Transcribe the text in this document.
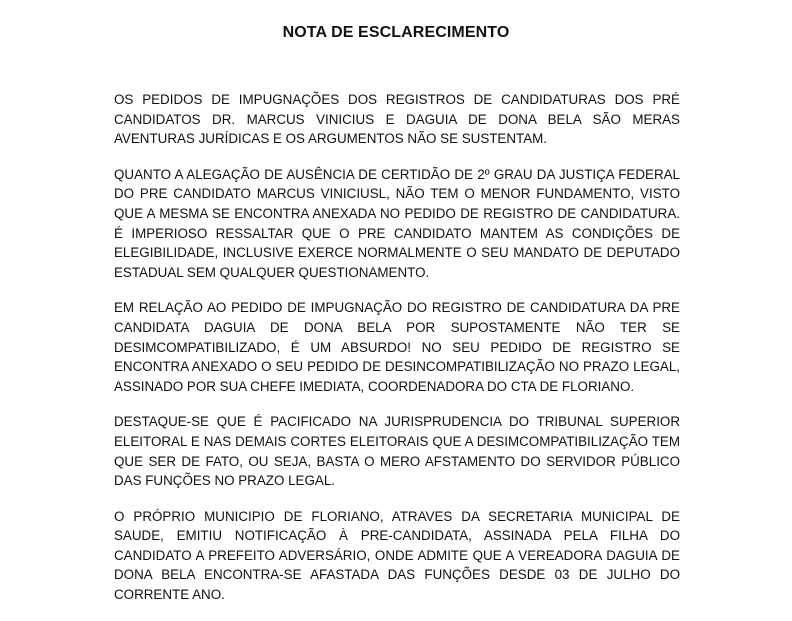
NOTA DE ESCLARECIMENTO

OS PEDIDOS DE IMPUGNAÇÕES DOS REGISTROS DE CANDIDATURAS DOS PRÉ CANDIDATOS DR. MARCUS VINICIUS E DAGUIA DE DONA BELA SÃO MERAS AVENTURAS JURÍDICAS E OS ARGUMENTOS NÃO SE SUSTENTAM.

QUANTO A ALEGAÇÃO DE AUSÊNCIA DE CERTIDÃO DE 2º GRAU DA JUSTIÇA FEDERAL DO PRE CANDIDATO MARCUS VINICIUSL, NÃO TEM O MENOR FUNDAMENTO, VISTO QUE A MESMA SE ENCONTRA ANEXADA NO PEDIDO DE REGISTRO DE CANDIDATURA. É IMPERIOSO RESSALTAR QUE O PRE CANDIDATO MANTEM AS CONDIÇÕES DE ELEGIBILIDADE, INCLUSIVE EXERCE NORMALMENTE O SEU MANDATO DE DEPUTADO ESTADUAL SEM QUALQUER QUESTIONAMENTO.

EM RELAÇÃO AO PEDIDO DE IMPUGNAÇÃO DO REGISTRO DE CANDIDATURA DA PRE CANDIDATA DAGUIA DE DONA BELA POR SUPOSTAMENTE NÃO TER SE DESIMCOMPATIBILIZADO, É UM ABSURDO! NO SEU PEDIDO DE REGISTRO SE ENCONTRA ANEXADO O SEU PEDIDO DE DESINCOMPATIBILIZAÇÃO NO PRAZO LEGAL, ASSINADO POR SUA CHEFE IMEDIATA, COORDENADORA DO CTA DE FLORIANO.

DESTAQUE-SE QUE É PACIFICADO NA JURISPRUDENCIA DO TRIBUNAL SUPERIOR ELEITORAL E NAS DEMAIS CORTES ELEITORAIS QUE A DESIMCOMPATIBILIZAÇÃO TEM QUE SER DE FATO, OU SEJA, BASTA O MERO AFSTAMENTO DO SERVIDOR PÚBLICO DAS FUNÇÕES NO PRAZO LEGAL.

O PRÓPRIO MUNICIPIO DE FLORIANO, ATRAVES DA SECRETARIA MUNICIPAL DE SAUDE, EMITIU NOTIFICAÇÃO À PRE-CANDIDATA, ASSINADA PELA FILHA DO CANDIDATO A PREFEITO ADVERSÁRIO, ONDE ADMITE QUE A VEREADORA DAGUIA DE DONA BELA ENCONTRA-SE AFASTADA DAS FUNÇÕES DESDE 03 DE JULHO DO CORRENTE ANO.
